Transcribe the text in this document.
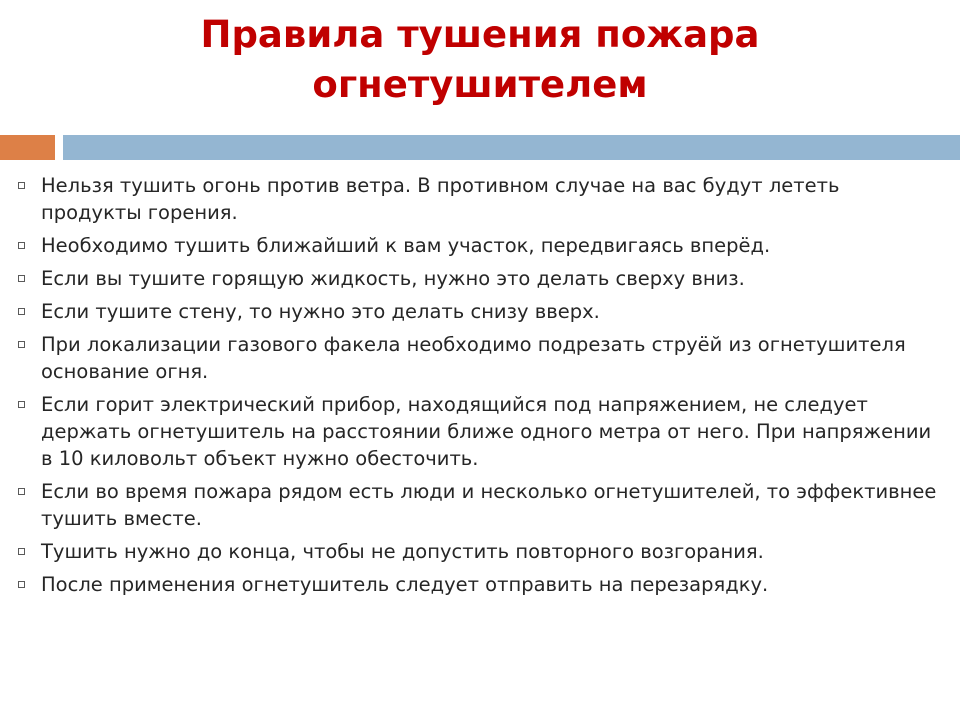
Правила тушения пожара
огнетушителем
Нельзя тушить огонь против ветра. В противном случае на вас будут лететь продукты горения.
Необходимо тушить ближайший к вам участок, передвигаясь вперёд.
Если вы тушите горящую жидкость, нужно это делать сверху вниз.
Если тушите стену, то нужно это делать снизу вверх.
При локализации газового факела необходимо подрезать струёй из огнетушителя основание огня.
Если горит электрический прибор, находящийся под напряжением, не следует держать огнетушитель на расстоянии ближе одного метра от него. При напряжении в 10 киловольт объект нужно обесточить.
Если во время пожара рядом есть люди и несколько огнетушителей, то эффективнее тушить вместе.
Тушить нужно до конца, чтобы не допустить повторного возгорания.
После применения огнетушитель следует отправить на перезарядку.
